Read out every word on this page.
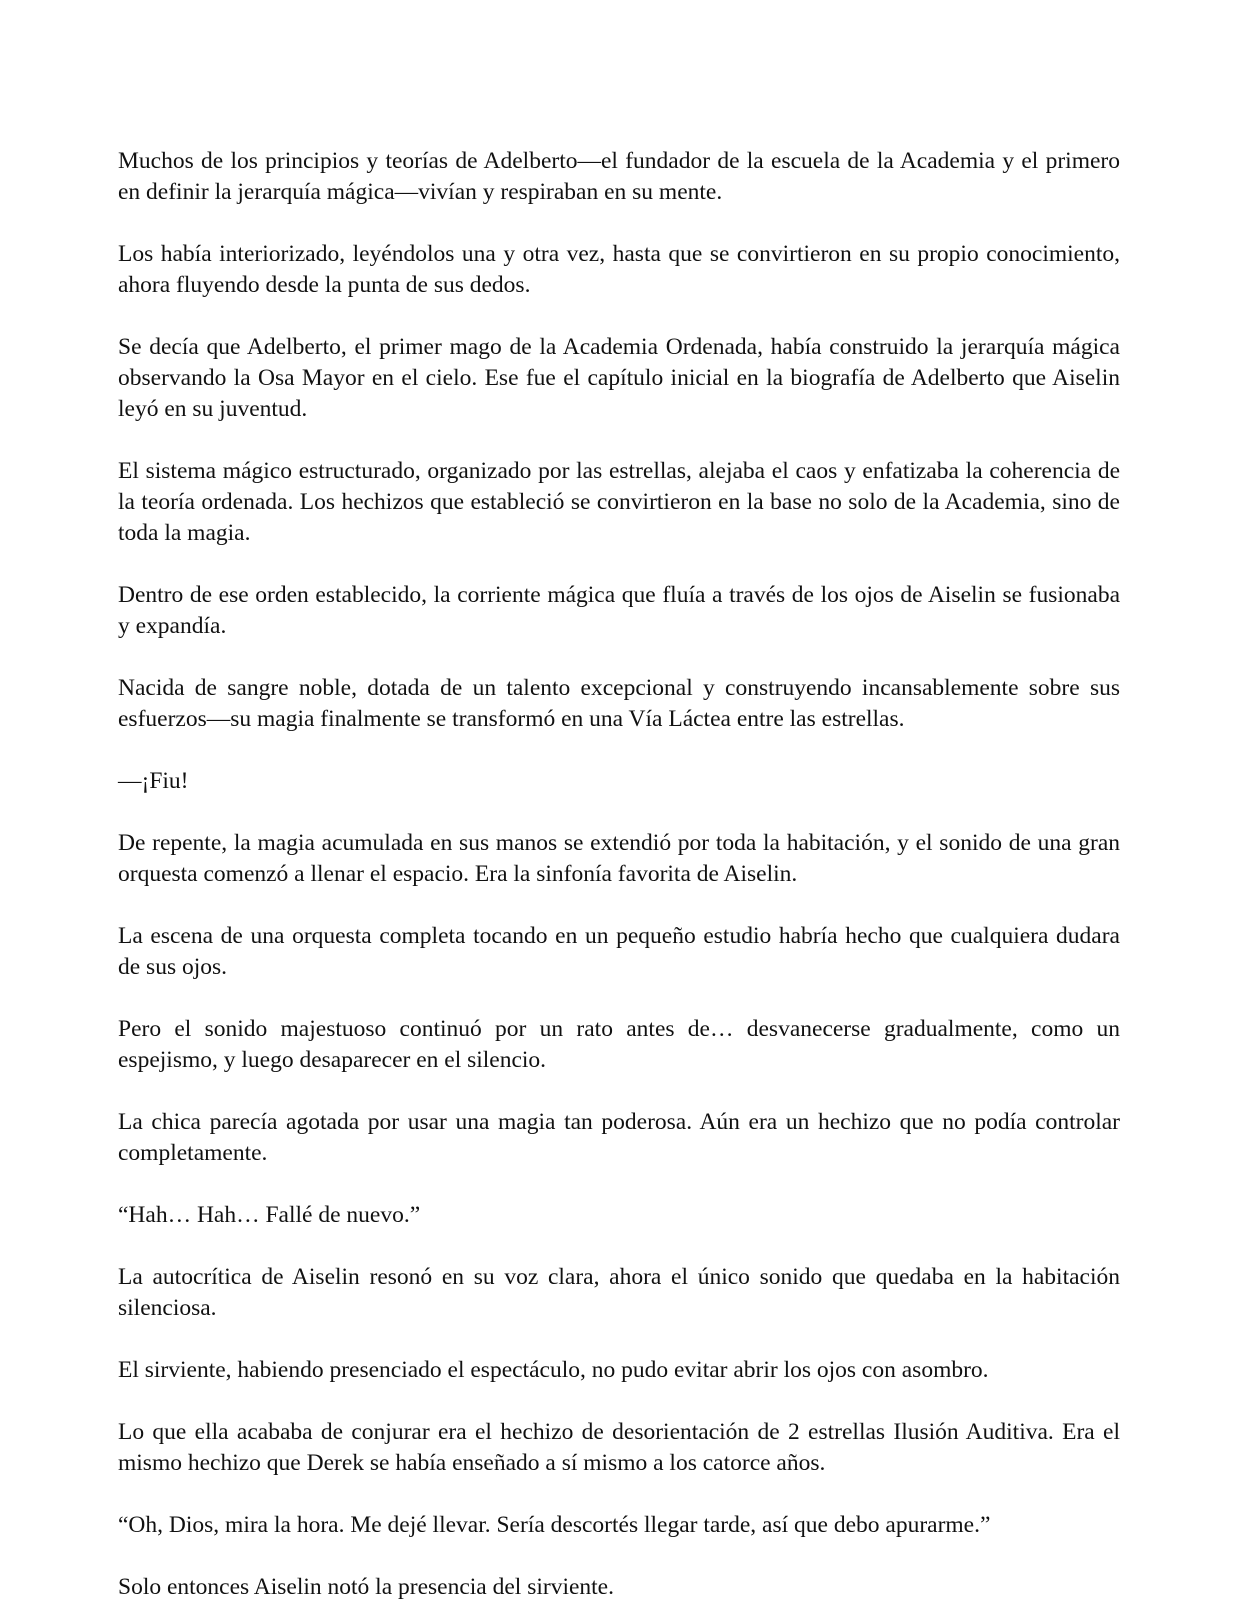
Muchos de los principios y teorías de Adelberto—el fundador de la escuela de la Academia y el primero en definir la jerarquía mágica—vivían y respiraban en su mente.

Los había interiorizado, leyéndolos una y otra vez, hasta que se convirtieron en su propio conocimiento, ahora fluyendo desde la punta de sus dedos.

Se decía que Adelberto, el primer mago de la Academia Ordenada, había construido la jerarquía mágica observando la Osa Mayor en el cielo. Ese fue el capítulo inicial en la biografía de Adelberto que Aiselin leyó en su juventud.

El sistema mágico estructurado, organizado por las estrellas, alejaba el caos y enfatizaba la coherencia de la teoría ordenada. Los hechizos que estableció se convirtieron en la base no solo de la Academia, sino de toda la magia.

Dentro de ese orden establecido, la corriente mágica que fluía a través de los ojos de Aiselin se fusionaba y expandía.

Nacida de sangre noble, dotada de un talento excepcional y construyendo incansablemente sobre sus esfuerzos—su magia finalmente se transformó en una Vía Láctea entre las estrellas.

—¡Fiu!

De repente, la magia acumulada en sus manos se extendió por toda la habitación, y el sonido de una gran orquesta comenzó a llenar el espacio. Era la sinfonía favorita de Aiselin.

La escena de una orquesta completa tocando en un pequeño estudio habría hecho que cualquiera dudara de sus ojos.

Pero el sonido majestuoso continuó por un rato antes de… desvanecerse gradualmente, como un espejismo, y luego desaparecer en el silencio.

La chica parecía agotada por usar una magia tan poderosa. Aún era un hechizo que no podía controlar completamente.

“Hah… Hah… Fallé de nuevo.”

La autocrítica de Aiselin resonó en su voz clara, ahora el único sonido que quedaba en la habitación silenciosa.

El sirviente, habiendo presenciado el espectáculo, no pudo evitar abrir los ojos con asombro.

Lo que ella acababa de conjurar era el hechizo de desorientación de 2 estrellas Ilusión Auditiva. Era el mismo hechizo que Derek se había enseñado a sí mismo a los catorce años.

“Oh, Dios, mira la hora. Me dejé llevar. Sería descortés llegar tarde, así que debo apurarme.”

Solo entonces Aiselin notó la presencia del sirviente.
